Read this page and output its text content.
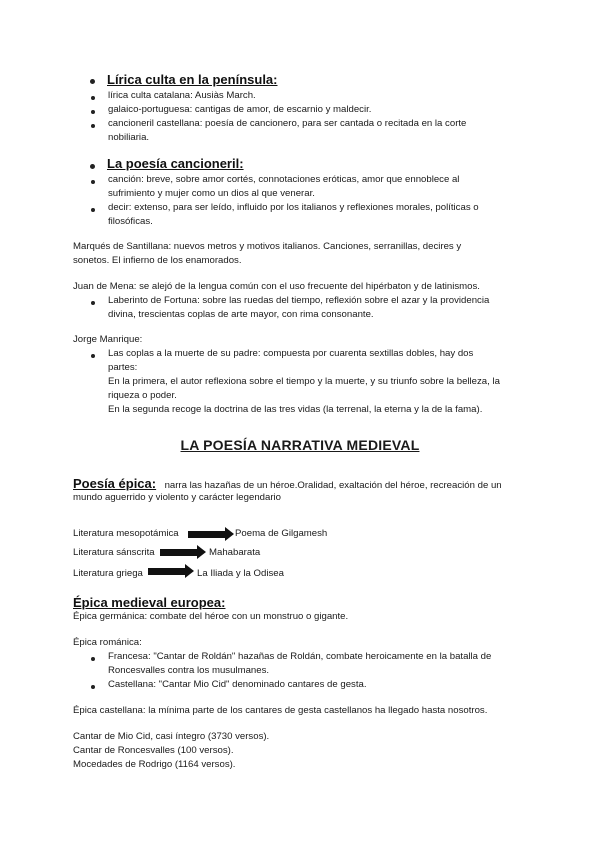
Lírica culta en la península:
lírica culta catalana: Ausiàs March.
galaico-portuguesa: cantigas de amor, de escarnio y maldecir.
cancioneril castellana: poesía de cancionero, para ser cantada o recitada en la corte
nobiliaria.
La poesía cancioneril:
canción: breve, sobre amor cortés, connotaciones eróticas, amor que ennoblece al
sufrimiento y mujer como un dios al que venerar.
decir: extenso, para ser leído, influido por los italianos y reflexiones morales, políticas o
filosóficas.
Marqués de Santillana: nuevos metros y motivos italianos. Canciones, serranillas, decires y
sonetos. El infierno de los enamorados.
Juan de Mena: se alejó de la lengua común con el uso frecuente del hipérbaton y de latinismos.
Laberinto de Fortuna: sobre las ruedas del tiempo, reflexión sobre el azar y la providencia
divina, trescientas coplas de arte mayor, con rima consonante.
Jorge Manrique:
Las coplas a la muerte de su padre: compuesta por cuarenta sextillas dobles, hay dos
partes:
En la primera, el autor reflexiona sobre el tiempo y la muerte, y su triunfo sobre la belleza, la
riqueza o poder.
En la segunda recoge la doctrina de las tres vidas (la terrenal, la eterna y la de la fama).
LA POESÍA NARRATIVA MEDIEVAL
Poesía épica: narra las hazañas de un héroe.Oralidad, exaltación del héroe, recreación de un
mundo aguerrido y violento y carácter legendario
Literatura mesopotámica	Poema de Gilgamesh
Literatura sánscrita	Mahabarata
Literatura griega	La Iliada y la Odisea
Épica medieval europea:
Épica germánica: combate del héroe con un monstruo o gigante.
Épica románica:
Francesa: "Cantar de Roldán" hazañas de Roldán, combate heroicamente en la batalla de
Roncesvalles contra los musulmanes.
Castellana: "Cantar Mio Cid" denominado cantares de gesta.
Épica castellana: la mínima parte de los cantares de gesta castellanos ha llegado hasta nosotros.
Cantar de Mio Cid, casi íntegro (3730 versos).
Cantar de Roncesvalles (100 versos).
Mocedades de Rodrigo (1164 versos).
